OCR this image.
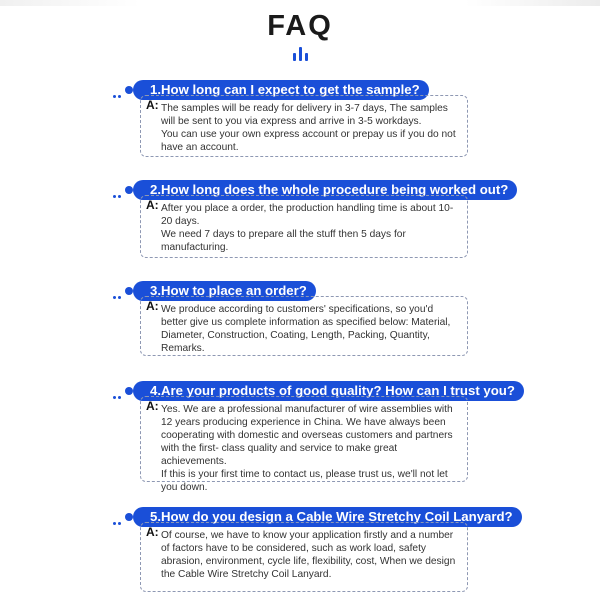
FAQ
1.How long can I expect to get the sample?
A: The samples will be ready for delivery in 3-7 days, The samples will be sent to you via express and arrive in 3-5 workdays.

You can use your own express account or prepay us if you do not have an account.

2.How long does the whole procedure being worked out?
A: After you place a order, the production handling time is about 10- 20 days.

We need 7 days to prepare all the stuff then 5 days for manufacturing.

3.How to place an order?
A: We produce according to customers' specifications, so you'd better give us complete information as specified below: Material, Diameter, Construction, Coating, Length, Packing, Quantity, Remarks.

4.Are your products of good quality? How can I trust you?
A: Yes. We are a professional manufacturer of wire assemblies with 12 years producing experience in China. We have always been cooperating with domestic and overseas customers and partners with the first- class quality and service to make great achievements.

If this is your first time to contact us, please trust us, we'll not let you down.

5.How do you design a Cable Wire Stretchy Coil Lanyard?
A: Of course, we have to know your application firstly and a number of factors have to be considered, such as work load, safety abrasion, environment, cycle life, flexibility, cost, When we design the Cable Wire Stretchy Coil Lanyard.
